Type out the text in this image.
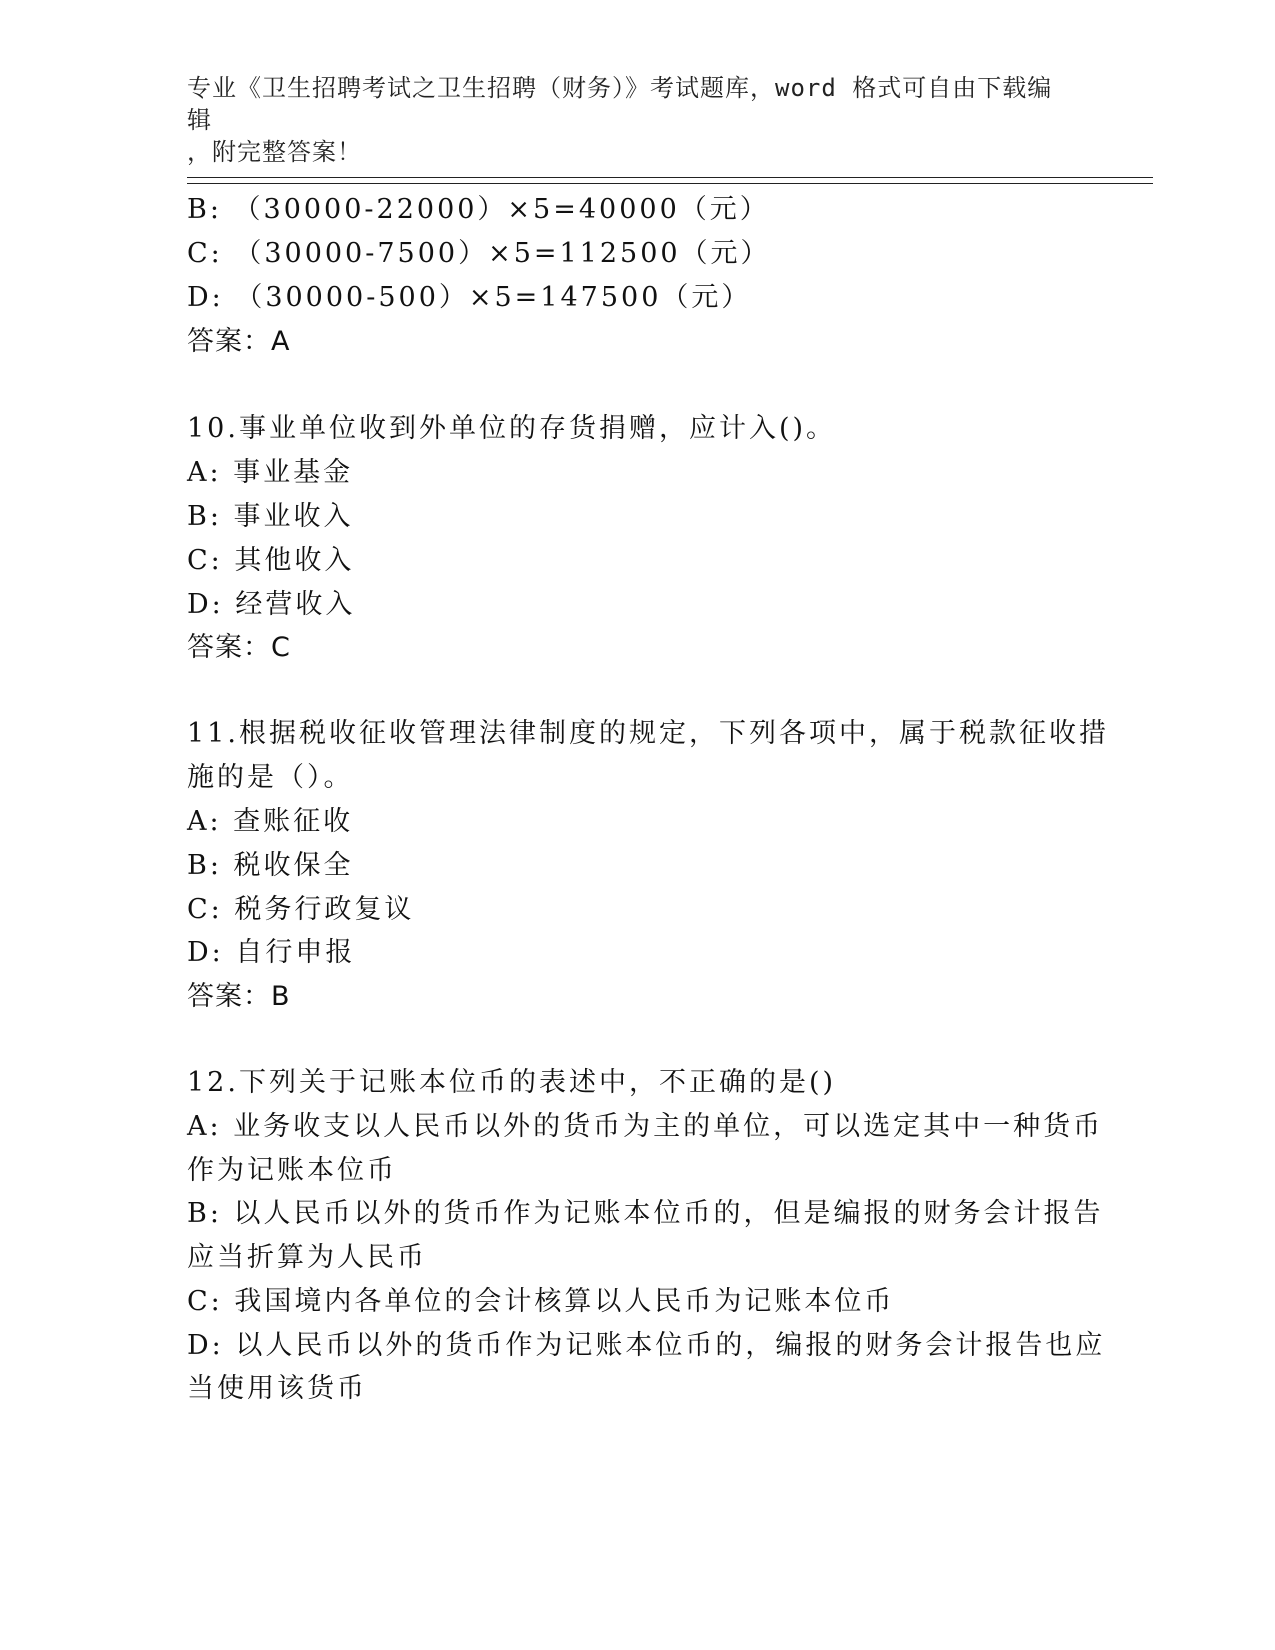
专业《卫生招聘考试之卫生招聘（财务）》考试题库，word 格式可自由下载编辑
，附完整答案！
B: （30000-22000）×5=40000（元）
C: （30000-7500）×5=112500（元）
D: （30000-500）×5=147500（元）
答案：A
10.事业单位收到外单位的存货捐赠，应计入()。
A: 事业基金
B: 事业收入
C: 其他收入
D: 经营收入
答案：C
11.根据税收征收管理法律制度的规定，下列各项中，属于税款征收措
施的是（）。
A: 查账征收
B: 税收保全
C: 税务行政复议
D: 自行申报
答案：B
12.下列关于记账本位币的表述中，不正确的是()
A: 业务收支以人民币以外的货币为主的单位，可以选定其中一种货币
作为记账本位币
B: 以人民币以外的货币作为记账本位币的，但是编报的财务会计报告
应当折算为人民币
C: 我国境内各单位的会计核算以人民币为记账本位币
D: 以人民币以外的货币作为记账本位币的，编报的财务会计报告也应
当使用该货币
